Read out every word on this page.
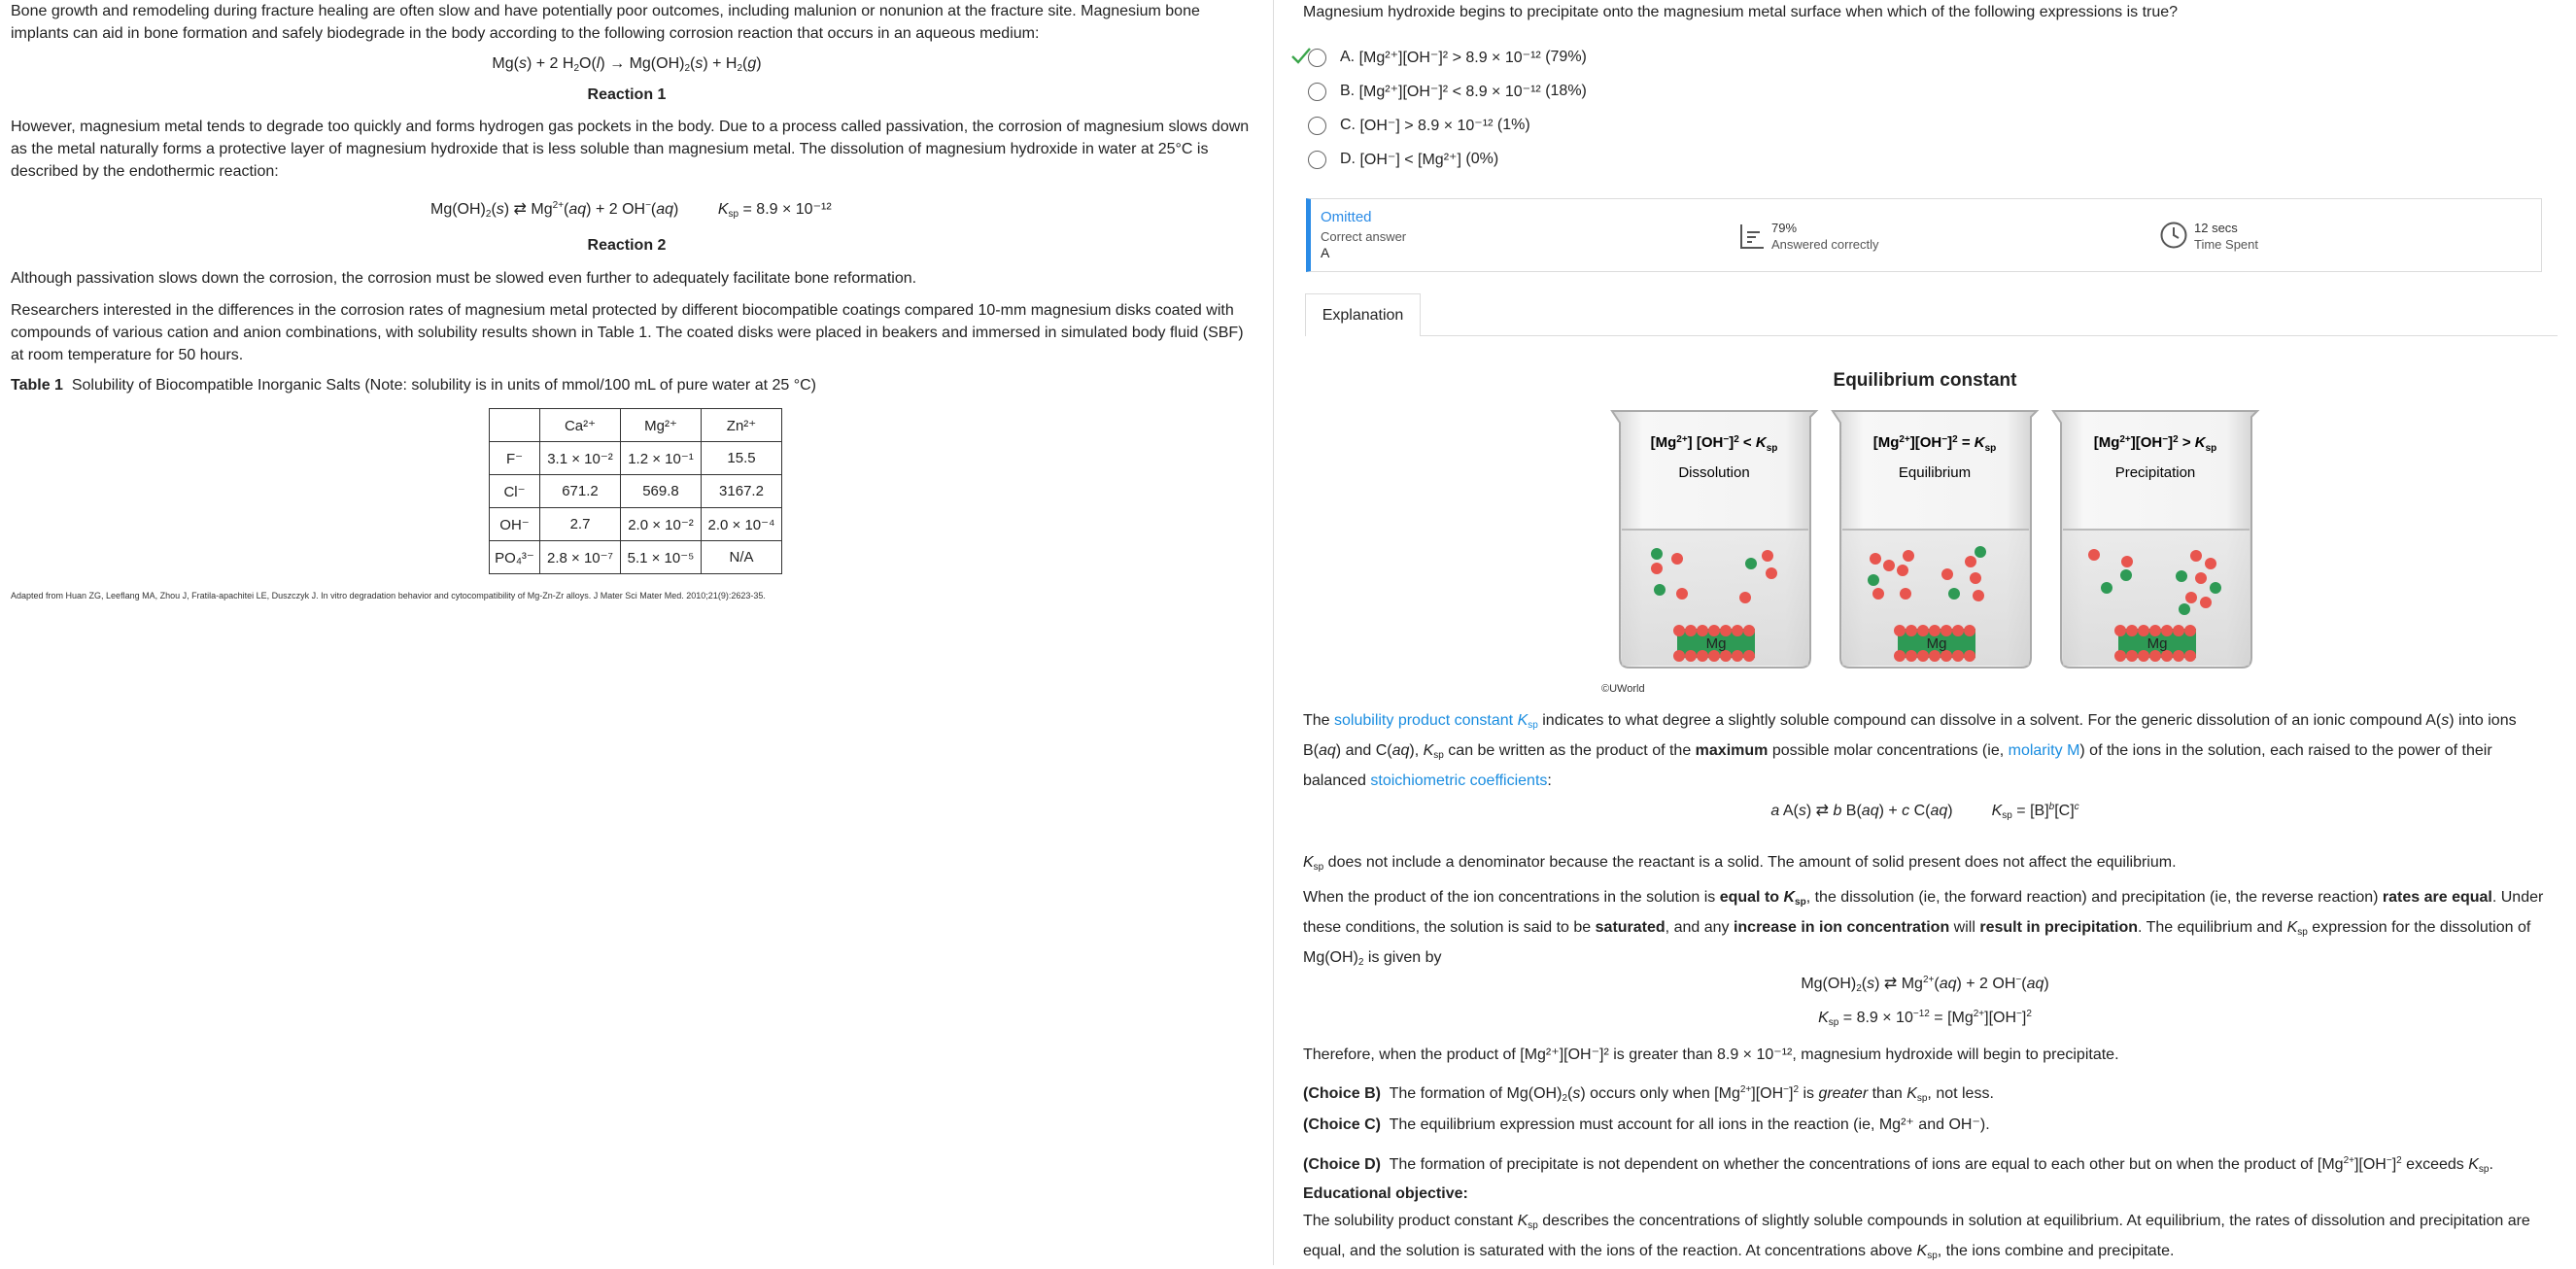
Bone growth and remodeling during fracture healing are often slow and have potentially poor outcomes, including malunion or nonunion at the fracture site. Magnesium bone implants can aid in bone formation and safely biodegrade in the body according to the following corrosion reaction that occurs in an aqueous medium:

Mg(s) + 2 $H_2O(l) \to Mg(OH)_2(s) + H_2(g)$
Reaction 1

However, magnesium metal tends to degrade too quickly and forms hydrogen gas pockets in the body. Due to a process called passivation, the corrosion of magnesium slows down as the metal naturally forms a protective layer of magnesium hydroxide that is less soluble than magnesium metal. The dissolution of magnesium hydroxide in water at 25°C is described by the endothermic reaction:

$Mg(OH)_2(s)$ ⇄ $Mg^{2+}(aq) + 2$ OH−(aq) $K_{sp} = 8.9 \times 10^{-12}$
Reaction 2

Although passivation slows down the corrosion, the corrosion must be slowed even further to adequately facilitate bone reformation.

Researchers interested in the differences in the corrosion rates of magnesium metal protected by different biocompatible coatings compared 10-mm magnesium disks coated with compounds of various cation and anion combinations, with solubility results shown in Table 1. The coated disks were placed in beakers and immersed in simulated body fluid (SBF) at room temperature for 50 hours.

Table 1 Solubility of Biocompatible Inorganic Salts (Note: solubility is in units of mmol/100 mL of pure water at 25 °C)
	Ca²⁺	Mg²⁺	Zn²⁺
F⁻	3.1 × 10⁻²	1.2 × 10⁻¹	15.5
Cl⁻	671.2	569.8	3167.2
OH⁻	2.7	2.0 × 10⁻²	2.0 × 10⁻⁴
PO₄³⁻	2.8 × 10⁻⁷	5.1 × 10⁻⁵	N/A
Adapted from Huan ZG, Leeflang MA, Zhou J, Fratila-apachitei LE, Duszczyk J. In vitro degradation behavior and cytocompatibility of Mg-Zn-Zr alloys. J Mater Sci Mater Med. 2010;21(9):2623-35.
Magnesium hydroxide begins to precipitate onto the magnesium metal surface when which of the following expressions is true?
A.
[Mg²⁺][OH⁻]² > 8.9 × 10⁻¹²
(79%)
B.
[Mg²⁺][OH⁻]² < 8.9 × 10⁻¹²
(18%)
C.
[OH⁻] > 8.9 × 10⁻¹²
(1%)
D.
[OH⁻] < [Mg²⁺]
(0%)
Omitted
Correct answer
A
79%
Answered correctly
12 secs
Time Spent
Explanation
Equilibrium constant
$[Mg^{2+}] [OH^-]^2 < K_{sp}$
Dissolution
Mg
$[Mg^{2+}][OH^-]^2 = K_{sp}$
Equilibrium
Mg
$[Mg^{2+}][OH^-]^2 > K_{sp}$
Precipitation
Mg
©UWorld

The solubility product constant $K_{sp}$ indicates to what degree a slightly soluble compound can dissolve in a solvent. For the generic dissolution of an ionic compound A(s) into ions B(aq) and C(aq), $K_{sp}$ can be written as the product of the maximum possible molar concentrations (ie, molarity M) of the ions in the solution, each raised to the power of their balanced stoichiometric coefficients:

a A(s) ⇄ b B(aq) + c C(aq)	$K_{sp} = [B]^b[C]^c$

$K_{sp}$ does not include a denominator because the reactant is a solid. The amount of solid present does not affect the equilibrium.

When the product of the ion concentrations in the solution is equal to $K_{sp}$, the dissolution (ie, the forward reaction) and precipitation (ie, the reverse reaction) rates are equal. Under these conditions, the solution is said to be saturated, and any increase in ion concentration will result in precipitation. The equilibrium and $K_{sp}$ expression for the dissolution of $Mg(OH)_2$ is given by

$Mg(OH)_2(s)$ ⇄ $Mg^{2+}(aq) + 2$ OH−(aq)
$K_{sp} = 8.9 \times 10^{-12} = [Mg^{2+}][OH^-]^2$

Therefore, when the product of [Mg²⁺][OH⁻]² is greater than 8.9 × 10⁻¹², magnesium hydroxide will begin to precipitate.

(Choice B)  The formation of $Mg(OH)_2(s)$ occurs only when $[Mg^{2+}][OH^-]^2$ is greater than $K_{sp}$, not less.

(Choice C) The equilibrium expression must account for all ions in the reaction (ie, Mg²⁺ and OH⁻).

(Choice D)  The formation of precipitate is not dependent on whether the concentrations of ions are equal to each other but on when the product of $[Mg^{2+}][OH^-]^2$ exceeds $K_{sp}$.

Educational objective:

The solubility product constant $K_{sp}$ describes the concentrations of slightly soluble compounds in solution at equilibrium. At equilibrium, the rates of dissolution and precipitation are equal, and the solution is saturated with the ions of the reaction. At concentrations above $K_{sp}$, the ions combine and precipitate.
